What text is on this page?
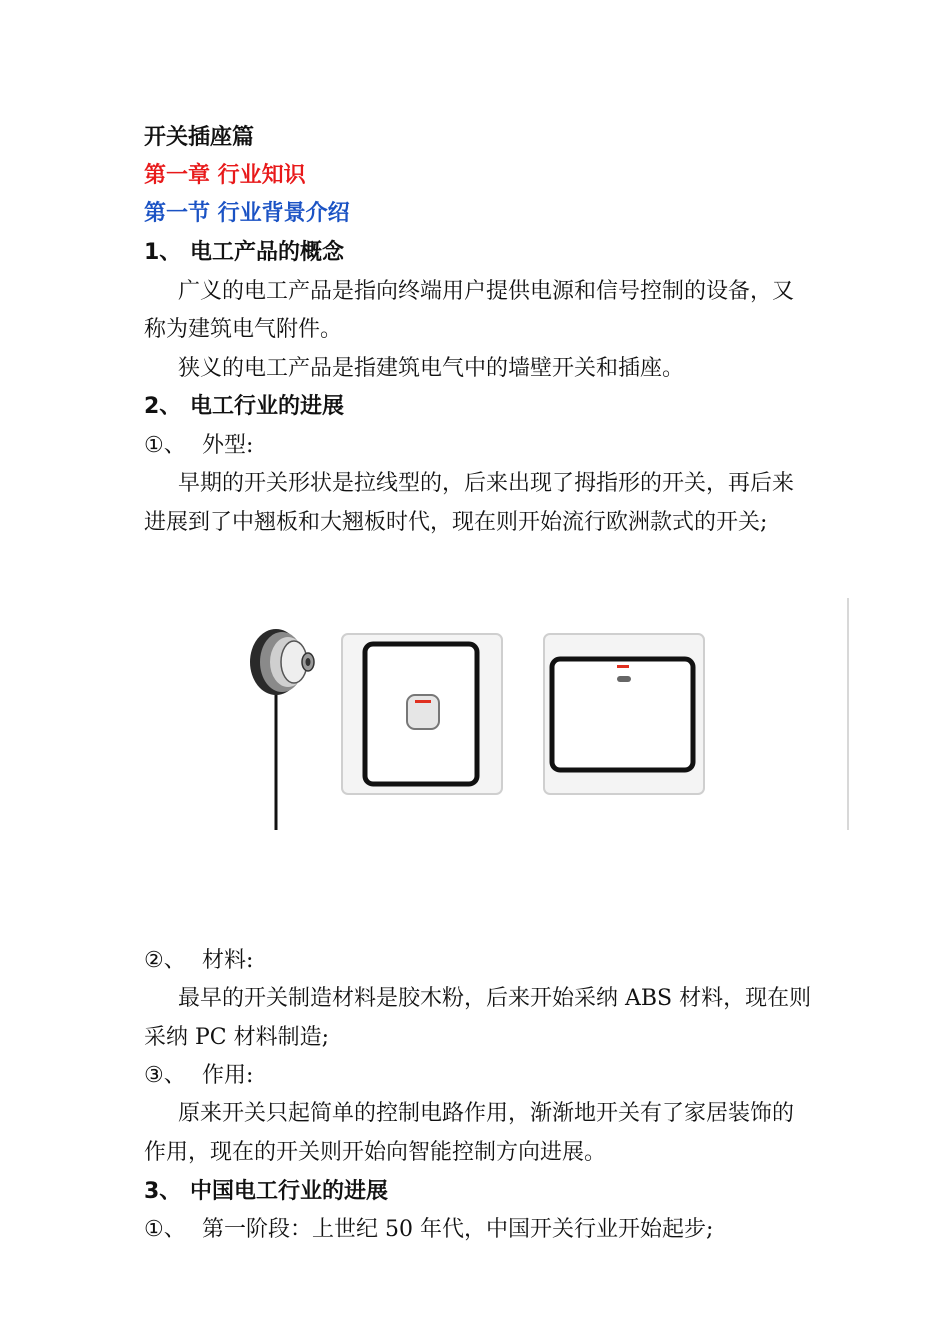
开关插座篇
第一章 行业知识
第一节 行业背景介绍
1、 电工产品的概念
广义的电工产品是指向终端用户提供电源和信号控制的设备，又
称为建筑电气附件。
狭义的电工产品是指建筑电气中的墙壁开关和插座。
2、 电工行业的进展
①、 外型:
早期的开关形状是拉线型的，后来出现了拇指形的开关，再后来
进展到了中翘板和大翘板时代，现在则开始流行欧洲款式的开关;
②、 材料:
最早的开关制造材料是胶木粉，后来开始采纳 ABS 材料，现在则
采纳 PC 材料制造;
③、 作用:
原来开关只起简单的控制电路作用，渐渐地开关有了家居装饰的
作用，现在的开关则开始向智能控制方向进展。
3、 中国电工行业的进展
①、 第一阶段：上世纪 50 年代，中国开关行业开始起步;
